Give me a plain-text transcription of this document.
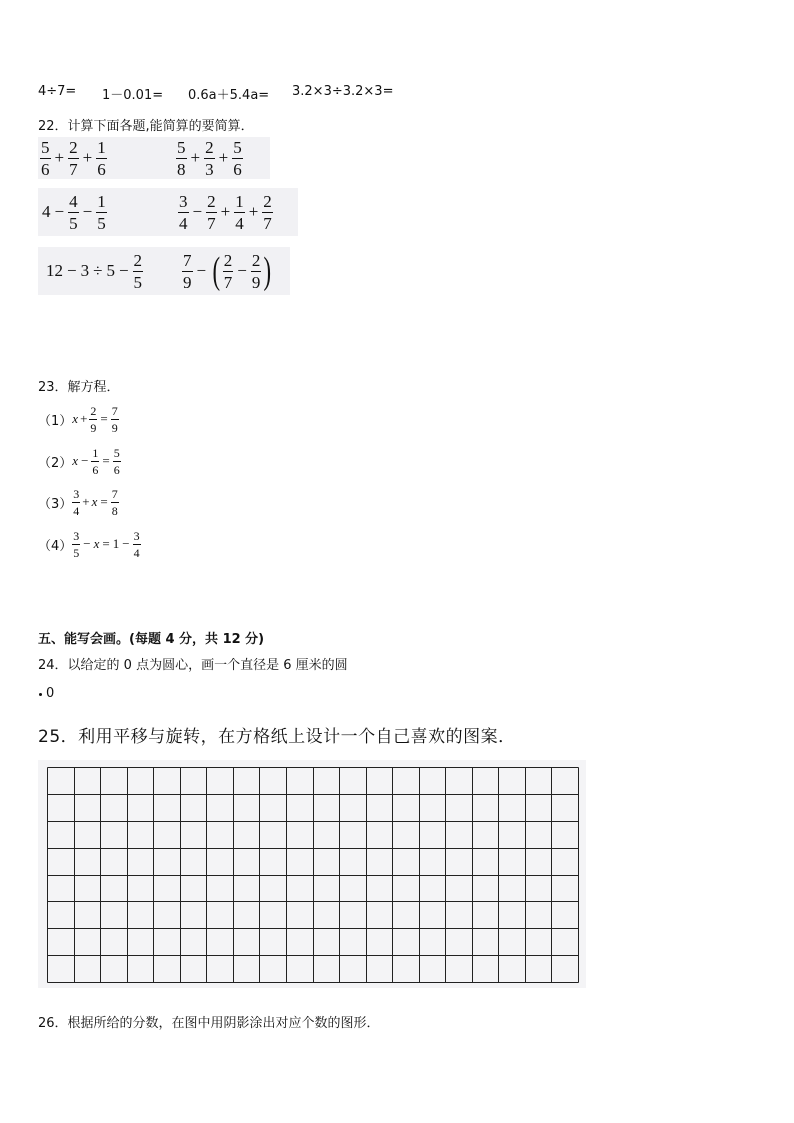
4÷7= 1－0.01= 0.6a＋5.4a= 3.2×3÷3.2×3=
22．计算下面各题,能简算的要简算．
$\frac{5}{6} + \frac{2}{7} + \frac{1}{6}$	$\frac{5}{8} + \frac{2}{3} + \frac{5}{6}$
$4 - \frac{4}{5} - \frac{1}{5}$	$\frac{3}{4} - \frac{2}{7} + \frac{1}{4} + \frac{2}{7}$
$12 - 3 \div 5 - \frac{2}{5} \frac{7}{9}$ − ( $\frac{2}{7} - \frac{2}{9}$ )
23．解方程．
（1） $x + \frac{2}{9} = \frac{7}{9}$
（2） $x - \frac{1}{6} = \frac{5}{6}$
$(3) \frac{3}{4} + x = \frac{7}{8}$
$(4) \frac{3}{5} - x = 1 - \frac{3}{4}$
五、能写会画。(每题 4 分，共 12 分)
24．以给定的 0 点为圆心，画一个直径是 6 厘米的圆
0
25．利用平移与旋转，在方格纸上设计一个自己喜欢的图案．
26．根据所给的分数，在图中用阴影涂出对应个数的图形．
